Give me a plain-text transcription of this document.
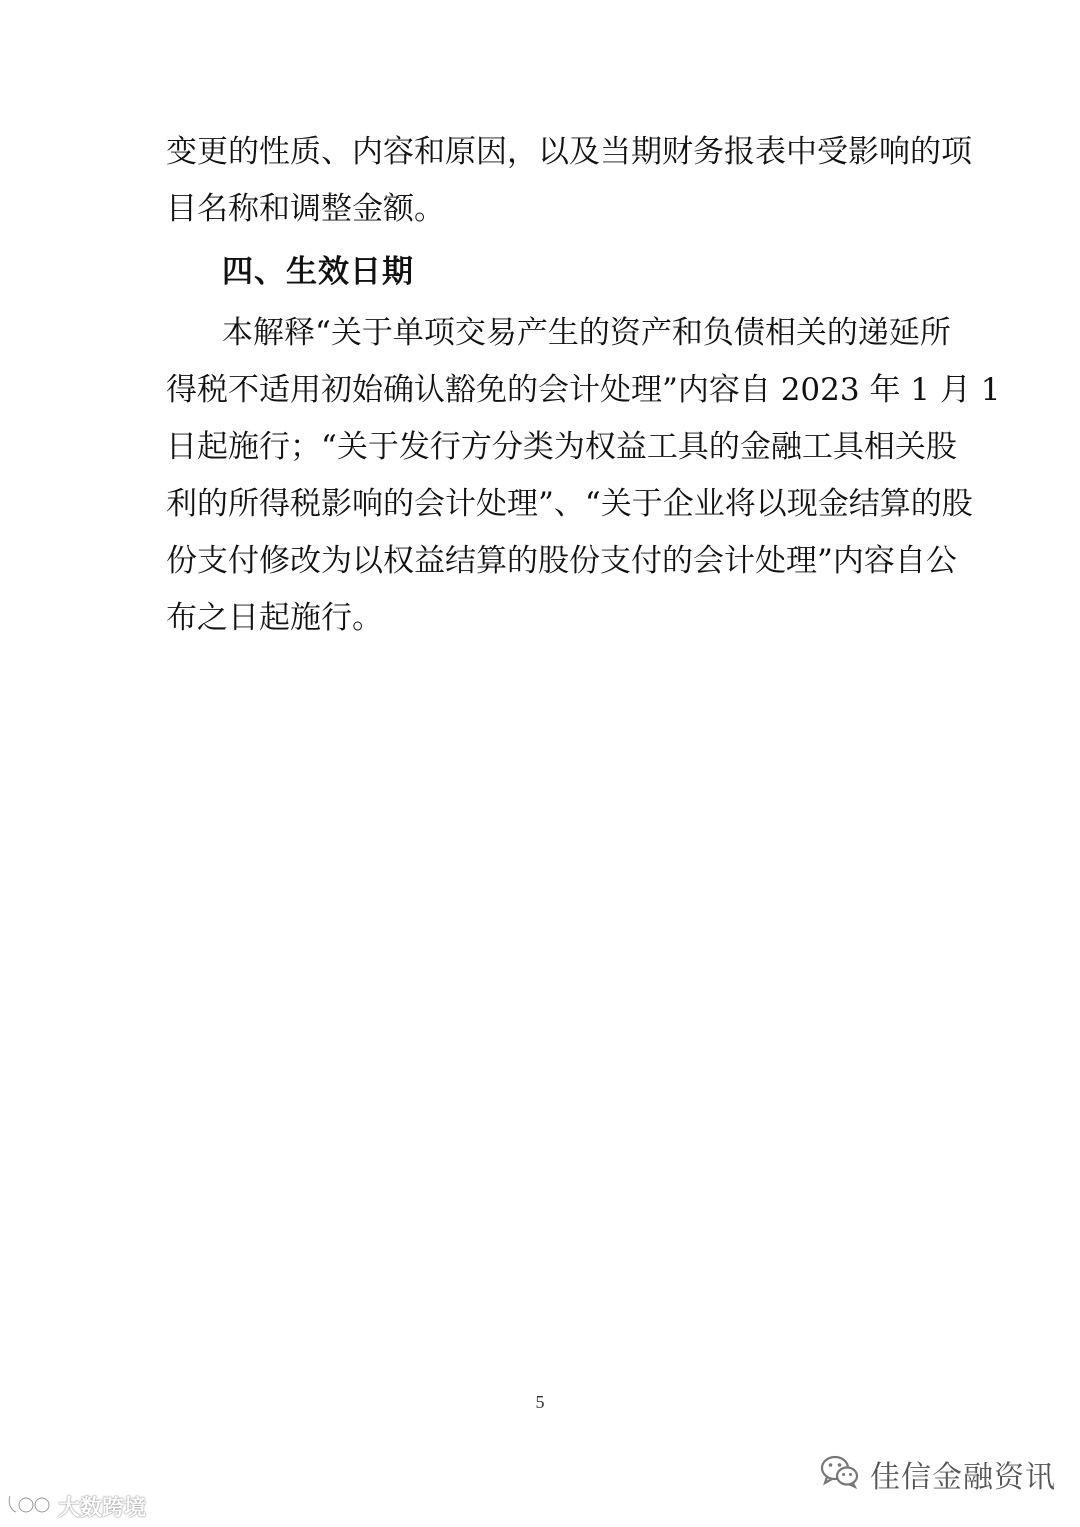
变更的性质、内容和原因，以及当期财务报表中受影响的项
目名称和调整金额。
四、生效日期
本解释“关于单项交易产生的资产和负债相关的递延所
得税不适用初始确认豁免的会计处理”内容自 2023 年 1 月 1
日起施行；“关于发行方分类为权益工具的金融工具相关股
利的所得税影响的会计处理”、“关于企业将以现金结算的股
份支付修改为以权益结算的股份支付的会计处理”内容自公
布之日起施行。
5
佳信金融资讯
大数跨境
